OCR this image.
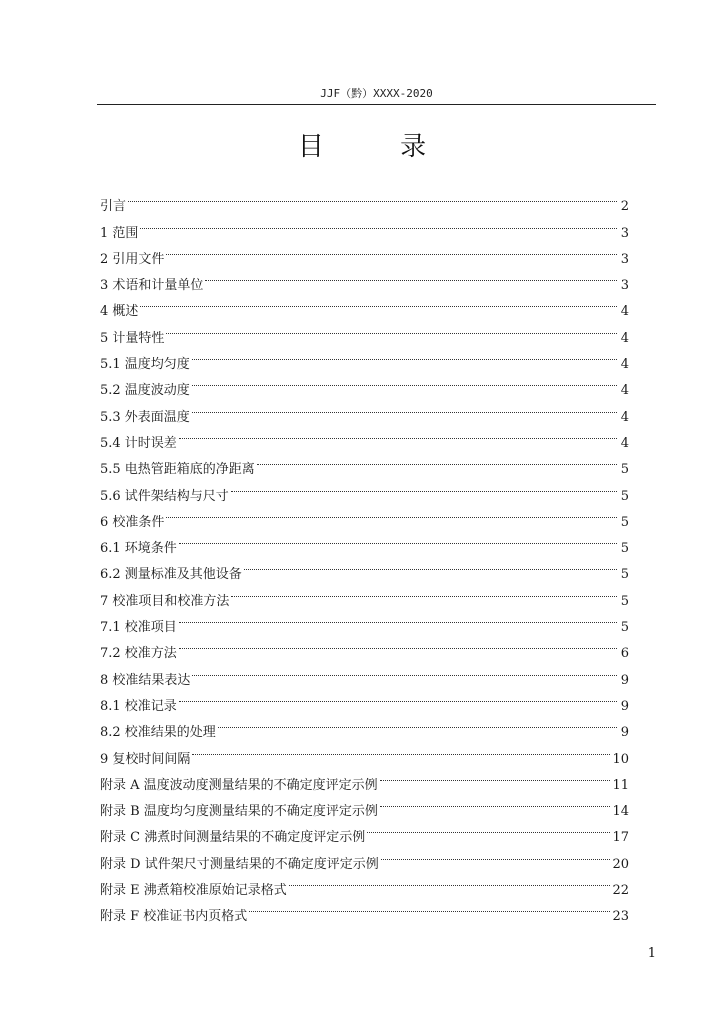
JJF（黔）XXXX-2020
目 录
引言	2
1 范围	3
2 引用文件	3
3 术语和计量单位	3
4 概述	4
5 计量特性	4
5.1 温度均匀度	4
5.2 温度波动度	4
5.3 外表面温度	4
5.4 计时误差	4
5.5 电热管距箱底的净距离	5
5.6 试件架结构与尺寸	5
6 校准条件	5
6.1 环境条件	5
6.2 测量标准及其他设备	5
7 校准项目和校准方法	5
7.1 校准项目	5
7.2 校准方法	6
8 校准结果表达	9
8.1 校准记录	9
8.2 校准结果的处理	9
9 复校时间间隔	10
附录 A 温度波动度测量结果的不确定度评定示例	11
附录 B 温度均匀度测量结果的不确定度评定示例	14
附录 C 沸煮时间测量结果的不确定度评定示例	17
附录 D 试件架尺寸测量结果的不确定度评定示例	20
附录 E 沸煮箱校准原始记录格式	22
附录 F 校准证书内页格式	23
1
